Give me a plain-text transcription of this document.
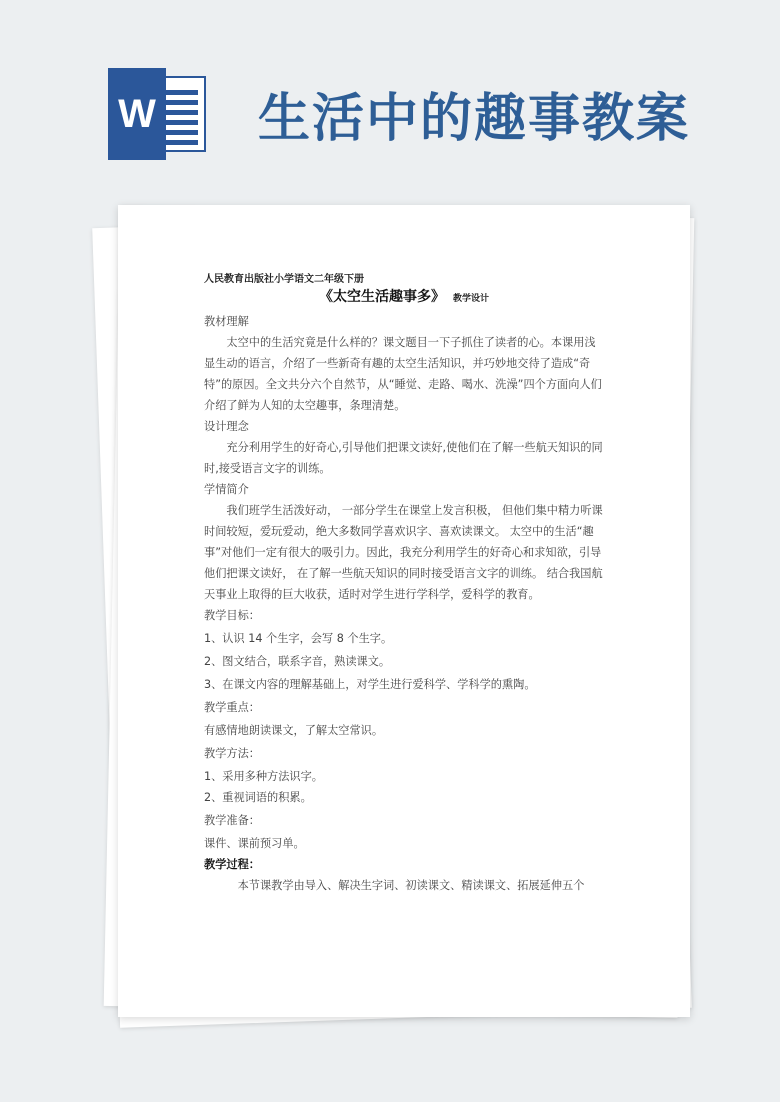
W 生活中的趣事教案
人民教育出版社小学语文二年级下册
《太空生活趣事多》 教学设计

教材理解

太空中的生活究竟是什么样的？课文题目一下子抓住了读者的心。本课用浅显生动的语言，介绍了一些新奇有趣的太空生活知识，并巧妙地交待了造成“奇特”的原因。全文共分六个自然节，从“睡觉、走路、喝水、洗澡”四个方面向人们介绍了鲜为人知的太空趣事，条理清楚。

设计理念

充分利用学生的好奇心,引导他们把课文读好,使他们在了解一些航天知识的同时,接受语言文字的训练。

学情简介

我们班学生活泼好动， 一部分学生在课堂上发言积极， 但他们集中精力听课时间较短，爱玩爱动，绝大多数同学喜欢识字、喜欢读课文。 太空中的生活“趣事”对他们一定有很大的吸引力。因此，我充分利用学生的好奇心和求知欲，引导他们把课文读好， 在了解一些航天知识的同时接受语言文字的训练。 结合我国航天事业上取得的巨大收获，适时对学生进行学科学，爱科学的教育。

教学目标：

1、认识 14 个生字，会写 8 个生字。

2、图文结合，联系字音，熟读课文。

3、在课文内容的理解基础上，对学生进行爱科学、学科学的熏陶。

教学重点：

有感情地朗读课文，了解太空常识。

教学方法：

1、采用多种方法识字。

2、重视词语的积累。

教学准备：

课件、课前预习单。

教学过程：

本节课教学由导入、解决生字词、初读课文、精读课文、拓展延伸五个
